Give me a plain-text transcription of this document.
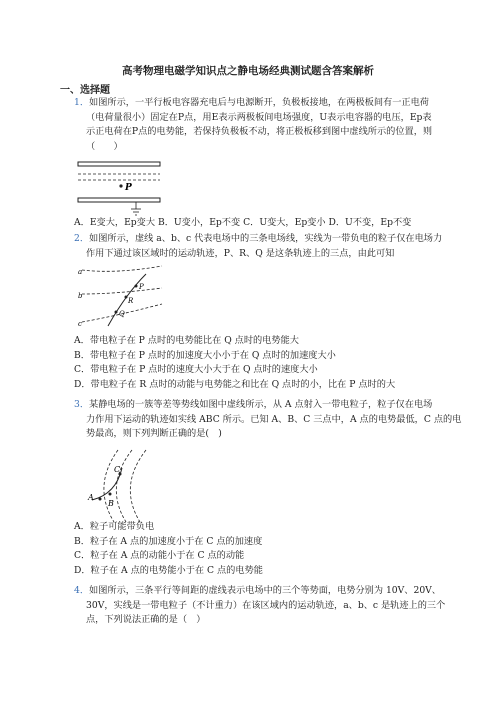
高考物理电磁学知识点之静电场经典测试题含答案解析
一、选择题
1．如图所示，一平行板电容器充电后与电源断开，负极板接地，在两极板间有一正电荷
（电荷量很小）固定在P点，用E表示两极板间电场强度，U表示电容器的电压，Ep表
示正电荷在P点的电势能，若保持负极板不动，将正极板移到图中虚线所示的位置，则
（　　）
P
A．E变大，Ep变大 B．U变小，Ep不变 C．U变大，Ep变小 D．U不变，Ep不变
2．如图所示，虚线 a、b、c 代表电场中的三条电场线，实线为一带负电的粒子仅在电场力
作用下通过该区域时的运动轨迹，P、R、Q 是这条轨迹上的三点，由此可知
a
b
c
P
R
Q
A．带电粒子在 P 点时的电势能比在 Q 点时的电势能大
B．带电粒子在 P 点时的加速度大小小于在 Q 点时的加速度大小
C．带电粒子在 P 点时的速度大小大于在 Q 点时的速度大小
D．带电粒子在 R 点时的动能与电势能之和比在 Q 点时的小，比在 P 点时的大
3．某静电场的一簇等差等势线如图中虚线所示，从 A 点射入一带电粒子，粒子仅在电场
力作用下运动的轨迹如实线 ABC 所示。已知 A、B、C 三点中，A 点的电势最低，C 点的电
势最高，则下列判断正确的是(　)
A
B
C
A．粒子可能带负电
B．粒子在 A 点的加速度小于在 C 点的加速度
C．粒子在 A 点的动能小于在 C 点的动能
D．粒子在 A 点的电势能小于在 C 点的电势能
4．如图所示，三条平行等间距的虚线表示电场中的三个等势面，电势分别为 10V、20V、
30V，实线是一带电粒子（不计重力）在该区域内的运动轨迹，a、b、c 是轨迹上的三个
点，下列说法正确的是（　）
